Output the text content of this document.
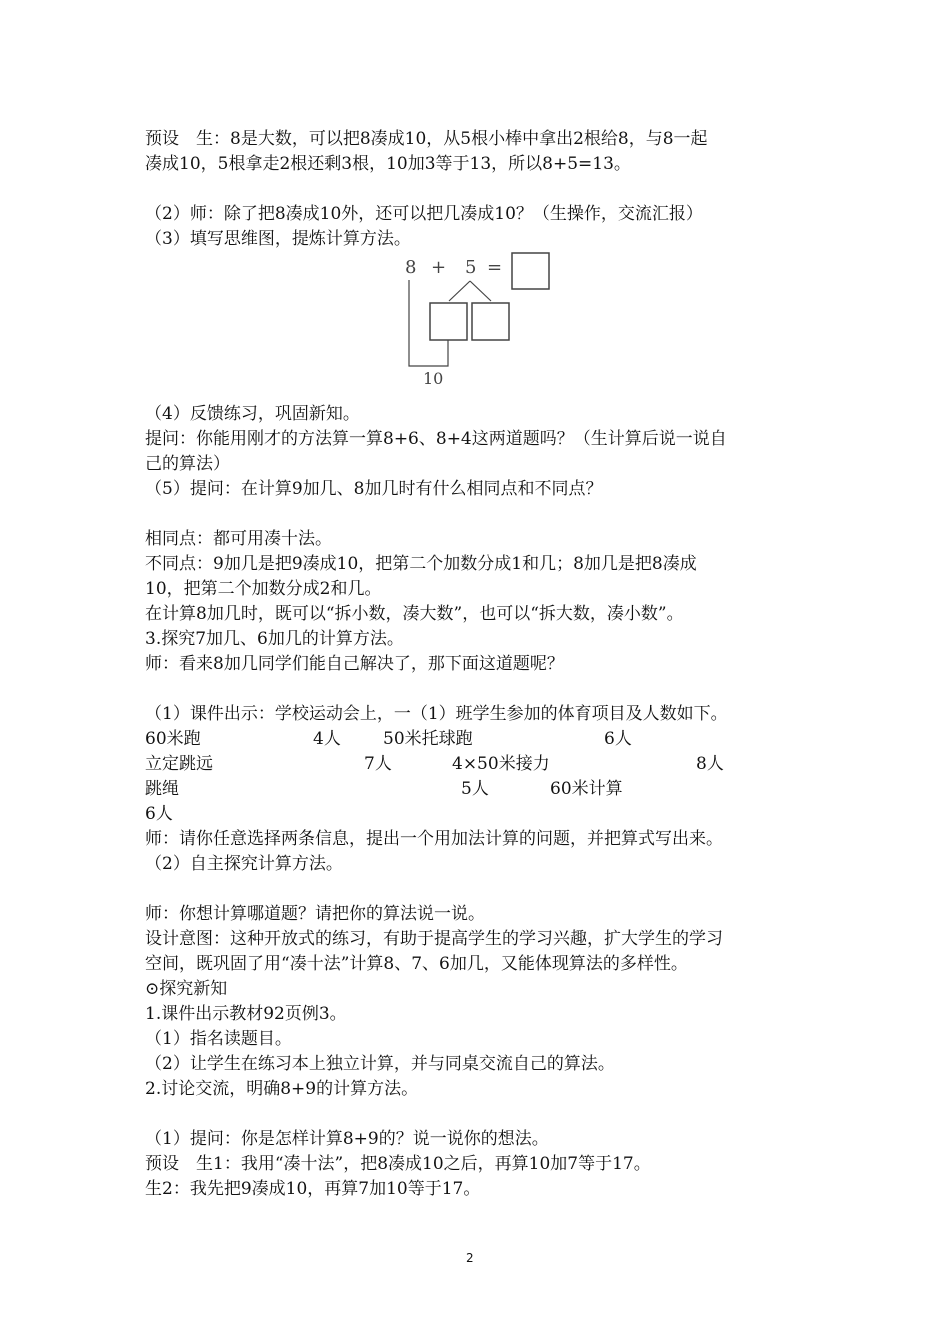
预设　生：8是大数，可以把8凑成10，从5根小棒中拿出2根给8，与8一起
凑成10，5根拿走2根还剩3根，10加3等于13，所以8+5=13。
（2）师：除了把8凑成10外，还可以把几凑成10？（生操作，交流汇报）
（3）填写思维图，提炼计算方法。
8 + 5 =
10
（4）反馈练习，巩固新知。
提问：你能用刚才的方法算一算8+6、8+4这两道题吗？（生计算后说一说自
己的算法）
（5）提问：在计算9加几、8加几时有什么相同点和不同点？
相同点：都可用凑十法。
不同点：9加几是把9凑成10，把第二个加数分成1和几；8加几是把8凑成
10，把第二个加数分成2和几。
在计算8加几时，既可以“拆小数，凑大数”，也可以“拆大数，凑小数”。
3.探究7加几、6加几的计算方法。
师：看来8加几同学们能自己解决了，那下面这道题呢？
（1）课件出示：学校运动会上，一（1）班学生参加的体育项目及人数如下。
60米跑	4人 50米托球跑	6人
立定跳远	7人	4×50米接力	8人
跳绳	5人	60米计算
6人
师：请你任意选择两条信息，提出一个用加法计算的问题，并把算式写出来。
（2）自主探究计算方法。
师：你想计算哪道题？请把你的算法说一说。
设计意图：这种开放式的练习，有助于提高学生的学习兴趣，扩大学生的学习
空间，既巩固了用“凑十法”计算8、7、6加几，又能体现算法的多样性。
⊙探究新知
1.课件出示教材92页例3。
（1）指名读题目。
（2）让学生在练习本上独立计算，并与同桌交流自己的算法。
2.讨论交流，明确8+9的计算方法。
（1）提问：你是怎样计算8+9的？说一说你的想法。
预设　生1：我用“凑十法”，把8凑成10之后，再算10加7等于17。
生2：我先把9凑成10，再算7加10等于17。
2
